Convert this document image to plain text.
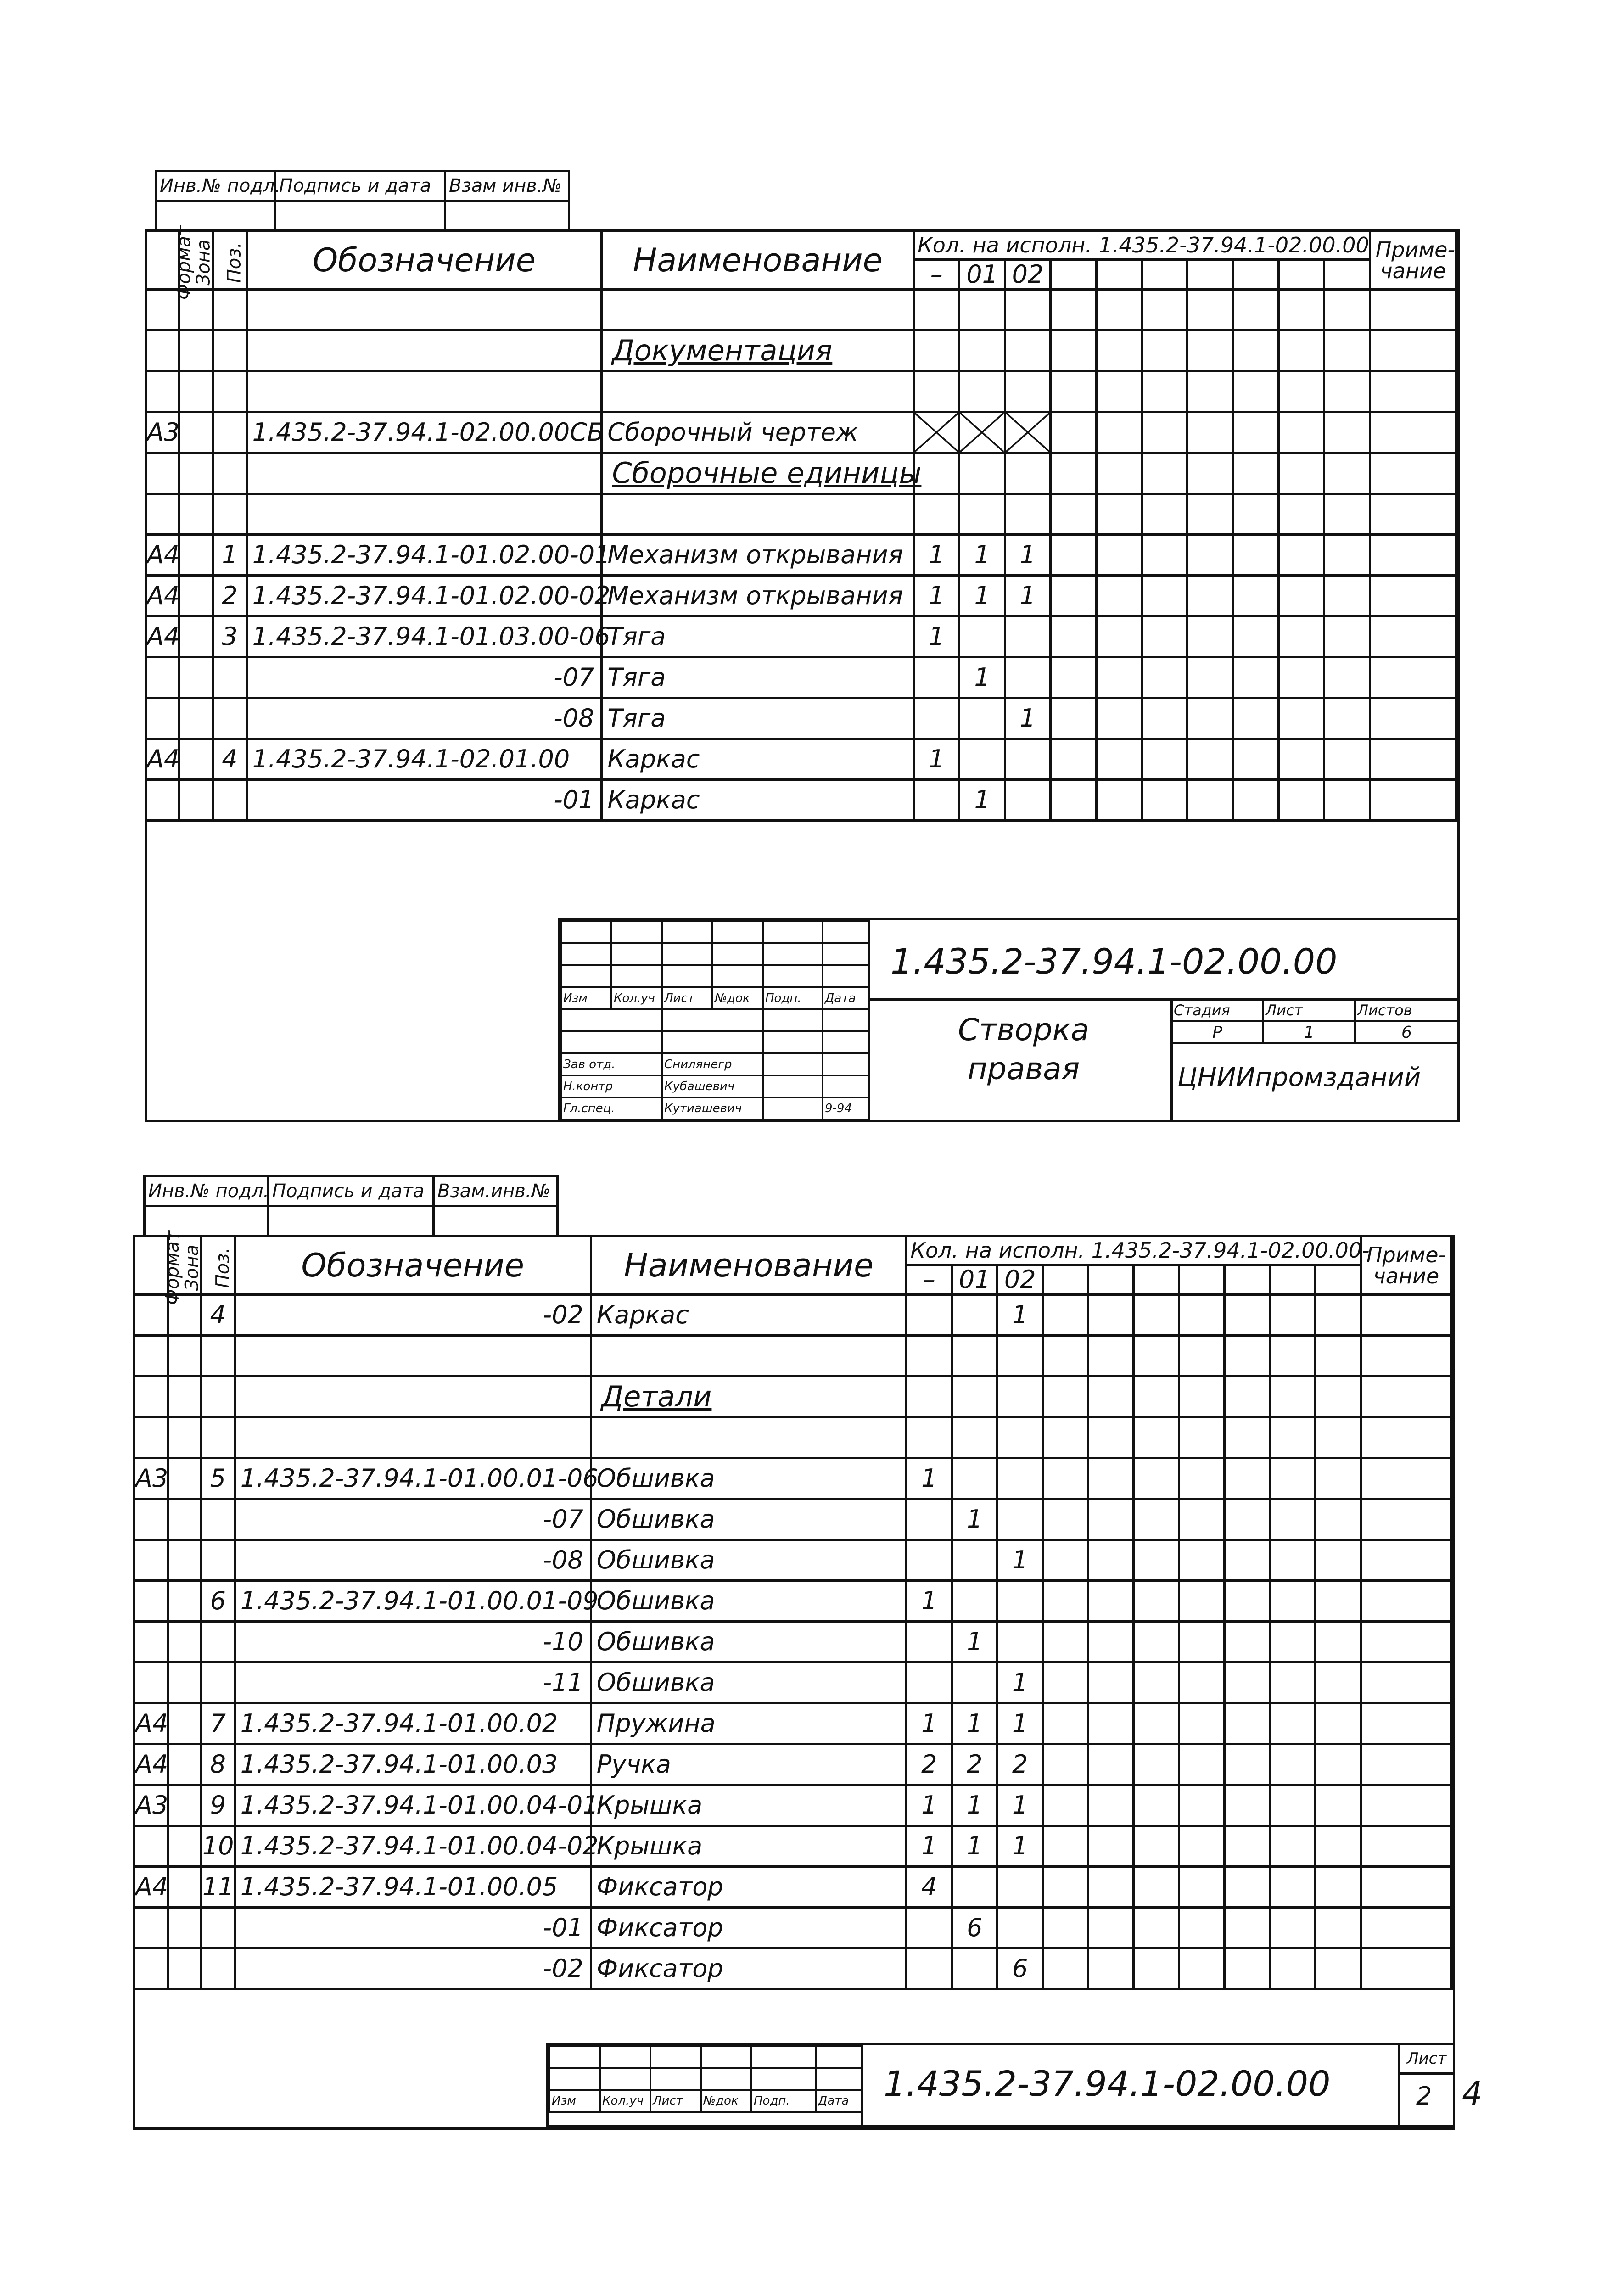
Инв.№ подл.	Подпись и дата	Взам инв.№

Формат	Зона	Поз.	Обозначение	Наименование	Кол. на исполн. 1.435.2-37.94.1-02.00.00										Приме-чание
					–	01	02								

				Документация											

А3			1.435.2-37.94.1-02.00.00СБ	Сборочный чертеж	

				Сборочные единицы											

А4		1	1.435.2-37.94.1-01.02.00-01	Механизм открывания	1	1	1								
А4		2	1.435.2-37.94.1-01.02.00-02	Механизм открывания	1	1	1								
А4		3	1.435.2-37.94.1-01.03.00-06	Тяга	1										
			-07	Тяга		1									
			-08	Тяга			1								
А4		4	1.435.2-37.94.1-02.01.00	Каркас	1										
			-01	Каркас		1									

Изм	Кол.уч	Лист	№док	Подп.	Дата

Зав отд.		Снилянегр			
Н.контр		Кубашевич			
Гл.спец.		Кутиашевич			9-94
1.435.2-37.94.1-02.00.00
Створка
правая
Стадия	Лист	Листов
Р	1	6
ЦНИИпромзданий
Инв.№ подл.	Подпись и дата	Взам.инв.№

Формат	Зона	Поз.	Обозначение	Наименование	Кол. на исполн. 1.435.2-37.94.1-02.00.00-										Приме-чание
					–	01	02								
		4	-02	Каркас			1								

				Детали											

А3		5	1.435.2-37.94.1-01.00.01-06	Обшивка	1										
			-07	Обшивка		1									
			-08	Обшивка			1								
		6	1.435.2-37.94.1-01.00.01-09	Обшивка	1										
			-10	Обшивка		1									
			-11	Обшивка			1								
А4		7	1.435.2-37.94.1-01.00.02	Пружина	1	1	1								
А4		8	1.435.2-37.94.1-01.00.03	Ручка	2	2	2								
А3		9	1.435.2-37.94.1-01.00.04-01	Крышка	1	1	1								
		10	1.435.2-37.94.1-01.00.04-02	Крышка	1	1	1								
А4		11	1.435.2-37.94.1-01.00.05	Фиксатор	4										
			-01	Фиксатор		6									
			-02	Фиксатор			6								

Изм	Кол.уч	Лист	№док	Подп.	Дата 1.435.2-37.94.1-02.00.00
Лист
2 4
